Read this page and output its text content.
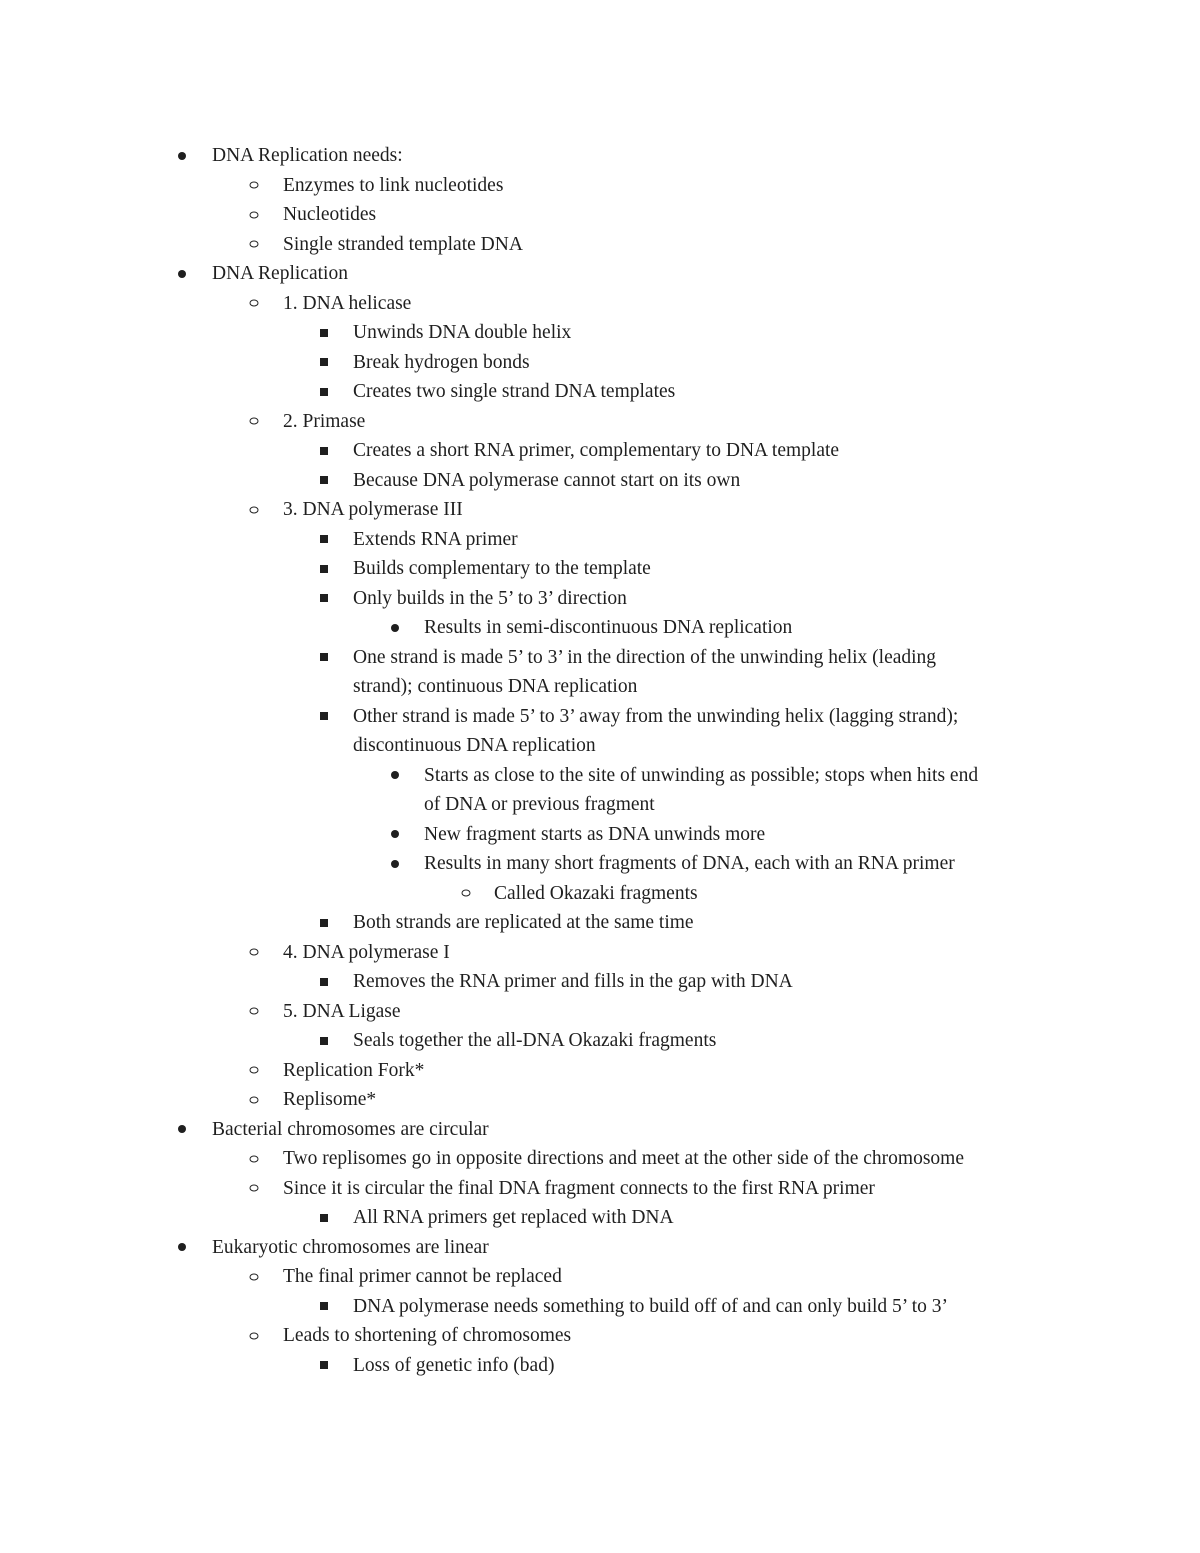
DNA Replication needs:
Enzymes to link nucleotides
Nucleotides
Single stranded template DNA
DNA Replication
1. DNA helicase
Unwinds DNA double helix
Break hydrogen bonds
Creates two single strand DNA templates
2. Primase
Creates a short RNA primer, complementary to DNA template
Because DNA polymerase cannot start on its own
3. DNA polymerase III
Extends RNA primer
Builds complementary to the template
Only builds in the 5’ to 3’ direction
Results in semi-discontinuous DNA replication
One strand is made 5’ to 3’ in the direction of the unwinding helix (leading
strand); continuous DNA replication
Other strand is made 5’ to 3’ away from the unwinding helix (lagging strand);
discontinuous DNA replication
Starts as close to the site of unwinding as possible; stops when hits end
of DNA or previous fragment
New fragment starts as DNA unwinds more
Results in many short fragments of DNA, each with an RNA primer
Called Okazaki fragments
Both strands are replicated at the same time
4. DNA polymerase I
Removes the RNA primer and fills in the gap with DNA
5. DNA Ligase
Seals together the all-DNA Okazaki fragments
Replication Fork*
Replisome*
Bacterial chromosomes are circular
Two replisomes go in opposite directions and meet at the other side of the chromosome
Since it is circular the final DNA fragment connects to the first RNA primer
All RNA primers get replaced with DNA
Eukaryotic chromosomes are linear
The final primer cannot be replaced
DNA polymerase needs something to build off of and can only build 5’ to 3’
Leads to shortening of chromosomes
Loss of genetic info (bad)
